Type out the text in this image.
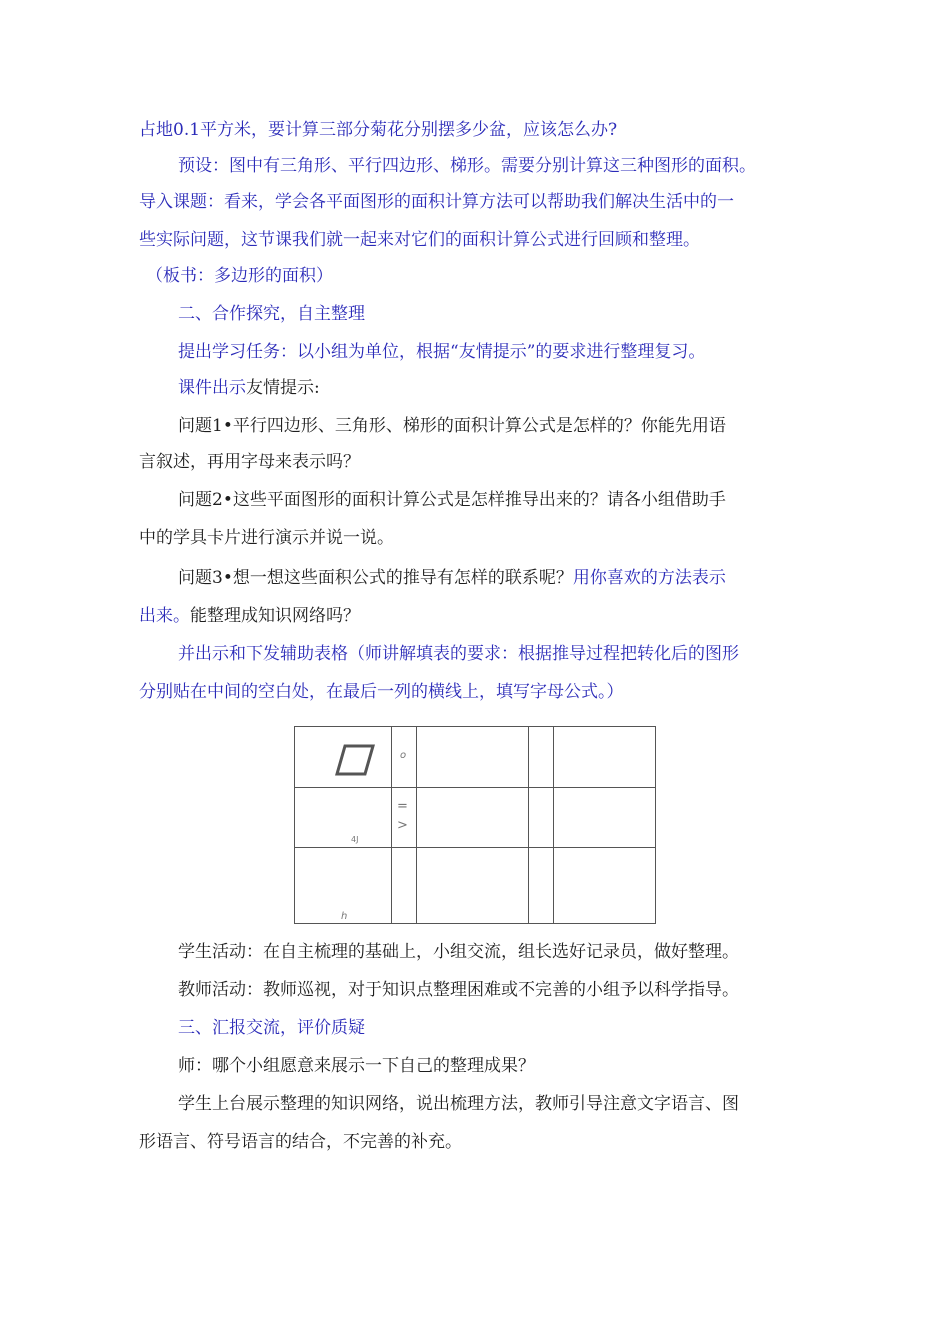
占地0.1平方米，要计算三部分菊花分别摆多少盆，应该怎么办?
预设：图中有三角形、平行四边形、梯形。需要分别计算这三种图形的面积。
导入课题：看来，学会各平面图形的面积计算方法可以帮助我们解决生活中的一
些实际问题，这节课我们就一起来对它们的面积计算公式进行回顾和整理。
（板书：多边形的面积）
二、合作探究，自主整理
提出学习任务：以小组为单位，根据“友情提示”的要求进行整理复习。
课件出示友情提示:
问题1•平行四边形、三角形、梯形的面积计算公式是怎样的？你能先用语
言叙述，再用字母来表示吗？
问题2•这些平面图形的面积计算公式是怎样推导出来的？请各小组借助手
中的学具卡片进行演示并说一说。
问题3•想一想这些面积公式的推导有怎样的联系呢？用你喜欢的方法表示
出来。能整理成知识网络吗？
并出示和下发辅助表格（师讲解填表的要求：根据推导过程把转化后的图形
分别贴在中间的空白处，在最后一列的横线上，填写字母公式。）
o
=
>
4J
h
学生活动：在自主梳理的基础上，小组交流，组长选好记录员，做好整理。
教师活动：教师巡视，对于知识点整理困难或不完善的小组予以科学指导。
三、汇报交流，评价质疑
师：哪个小组愿意来展示一下自己的整理成果？
学生上台展示整理的知识网络，说出梳理方法，教师引导注意文字语言、图
形语言、符号语言的结合，不完善的补充。
